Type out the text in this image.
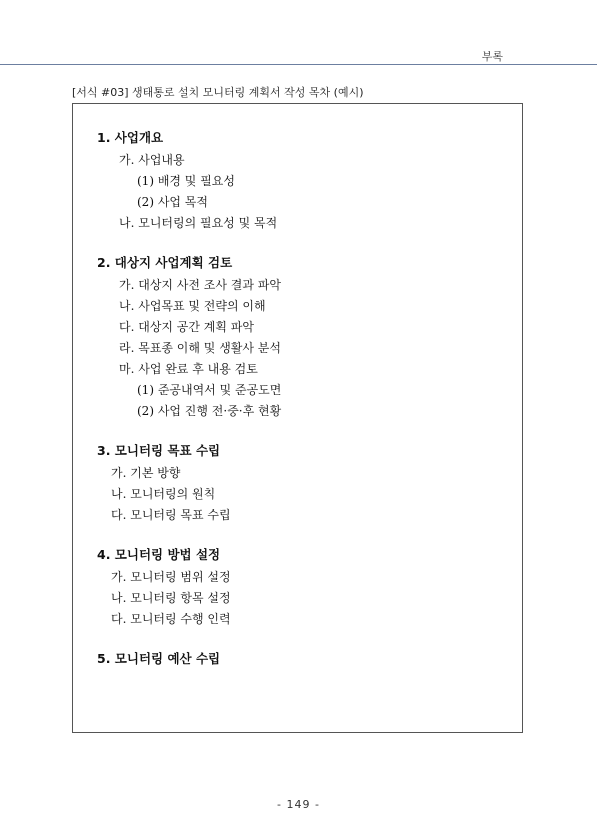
부록
[서식 #03] 생태통로 설치 모니터링 계획서 작성 목차 (예시)
1. 사업개요
가. 사업내용
(1) 배경 및 필요성
(2) 사업 목적
나. 모니터링의 필요성 및 목적
2. 대상지 사업계획 검토
가. 대상지 사전 조사 결과 파악
나. 사업목표 및 전략의 이해
다. 대상지 공간 계획 파악
라. 목표종 이해 및 생활사 분석
마. 사업 완료 후 내용 검토
(1) 준공내역서 및 준공도면
(2) 사업 진행 전·중·후 현황
3. 모니터링 목표 수립
가. 기본 방향
나. 모니터링의 원칙
다. 모니터링 목표 수립
4. 모니터링 방법 설정
가. 모니터링 범위 설정
나. 모니터링 항목 설정
다. 모니터링 수행 인력
5. 모니터링 예산 수립
- 149 -
